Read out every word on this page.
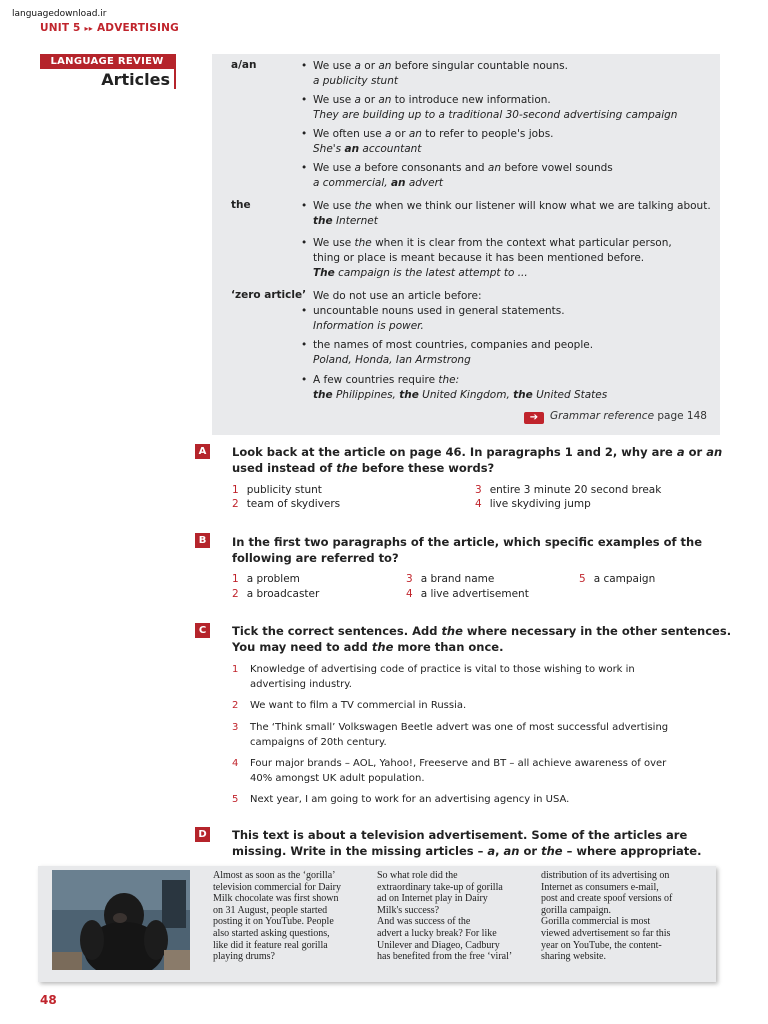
languagedownload.ir
UNIT 5 ▸▸ ADVERTISING
LANGUAGE REVIEW
Articles
a/an	• We use a or an before singular countable nouns.
a publicity stunt
• We use a or an to introduce new information.
They are building up to a traditional 30-second advertising campaign
• We often use a or an to refer to people's jobs.
She's an accountant
• We use a before consonants and an before vowel sounds
a commercial, an advert
the	• We use the when we think our listener will know what we are talking about.
the Internet
• We use the when it is clear from the context what particular person,
thing or place is meant because it has been mentioned before.
The campaign is the latest attempt to ...
‘zero article’ We do not use an article before:
• uncountable nouns used in general statements.
Information is power.
• the names of most countries, companies and people.
Poland, Honda, Ian Armstrong
• A few countries require the:
the Philippines, the United Kingdom, the United States
➔ Grammar reference page 148
A	Look back at the article on page 46. In paragraphs 1 and 2, why are a or an
used instead of the before these words?
1 publicity stunt
2 team of skydivers
3 entire 3 minute 20 second break
4 live skydiving jump
B	In the first two paragraphs of the article, which specific examples of the
following are referred to?
1 a problem
2 a broadcaster
3 a brand name
4 a live advertisement
5 a campaign
C	Tick the correct sentences. Add the where necessary in the other sentences.
You may need to add the more than once.
1 Knowledge of advertising code of practice is vital to those wishing to work in
advertising industry.
2 We want to film a TV commercial in Russia.
3 The ‘Think small’ Volkswagen Beetle advert was one of most successful advertising
campaigns of 20th century.
4 Four major brands – AOL, Yahoo!, Freeserve and BT – all achieve awareness of over
40% amongst UK adult population.
5 Next year, I am going to work for an advertising agency in USA.
D This text is about a television advertisement. Some of the articles are
missing. Write in the missing articles – a, an or the – where appropriate.

Almost as soon as the ‘gorilla’

television commercial for Dairy

Milk chocolate was first shown

on 31 August, people started

posting it on YouTube. People

also started asking questions,

like did it feature real gorilla

playing drums?

So what role did the

extraordinary take-up of gorilla

ad on Internet play in Dairy

Milk's success?

And was success of the

advert a lucky break? For like

Unilever and Diageo, Cadbury

has benefited from the free ‘viral’

distribution of its advertising on

Internet as consumers e-mail,

post and create spoof versions of

gorilla campaign.

Gorilla commercial is most

viewed advertisement so far this

year on YouTube, the content-

sharing website.

48
